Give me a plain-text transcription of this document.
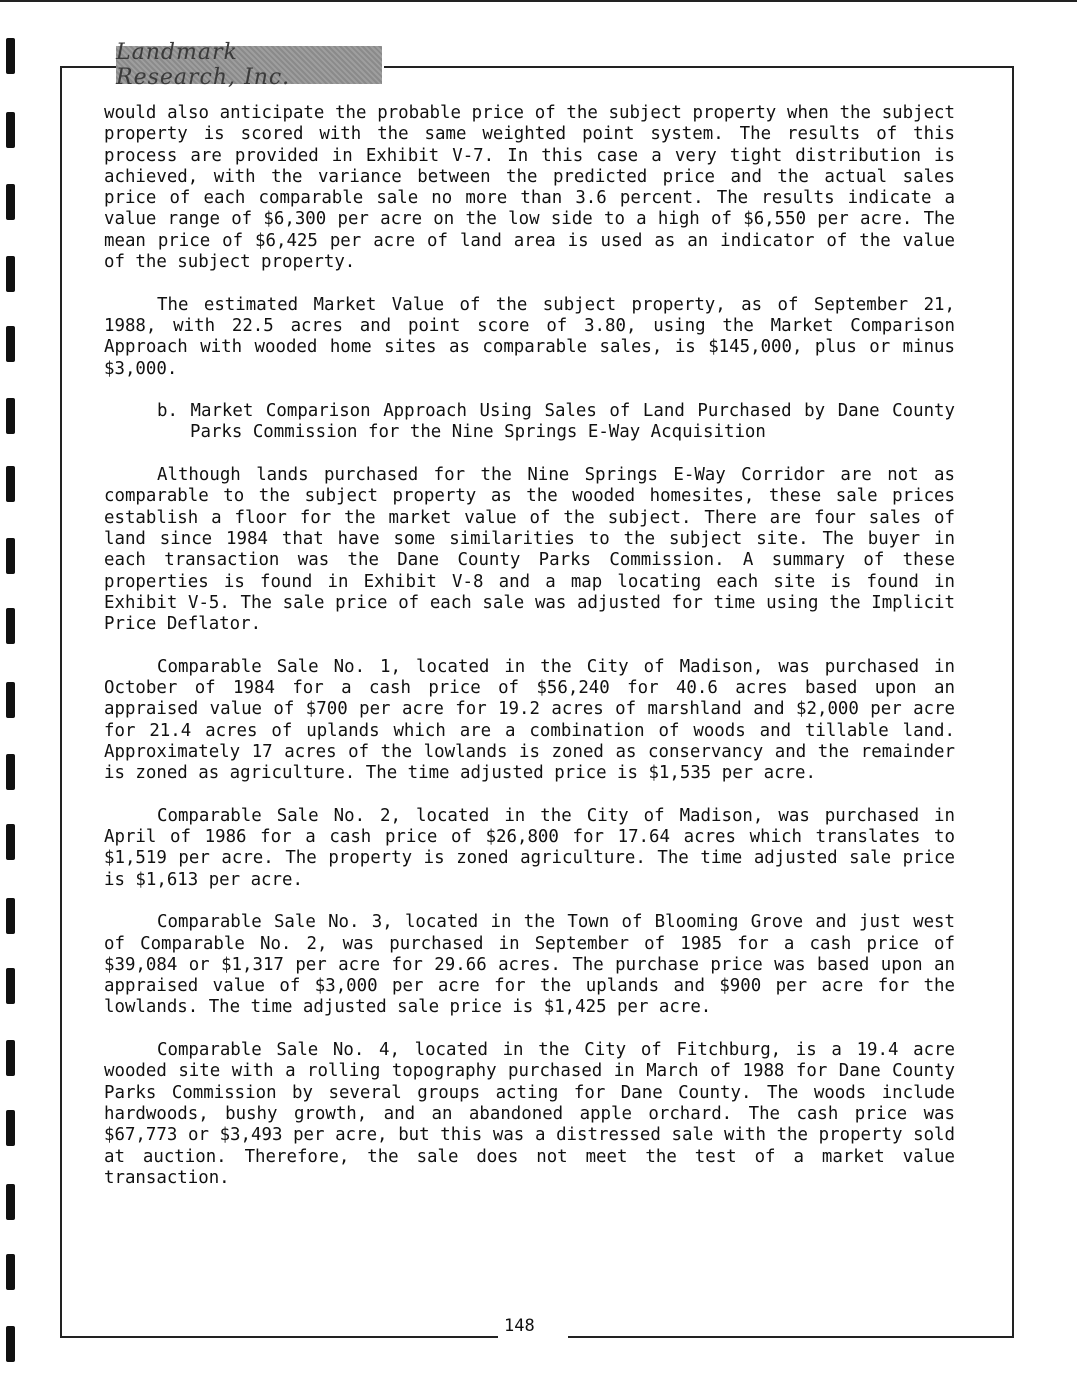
Landmark Research, Inc.

would also anticipate the probable price of the subject property when the subject property is scored with the same weighted point system. The results of this process are provided in Exhibit V-7. In this case a very tight distribution is achieved, with the variance between the predicted price and the actual sales price of each comparable sale no more than 3.6 percent. The results indicate a value range of $6,300 per acre on the low side to a high of $6,550 per acre. The mean price of $6,425 per acre of land area is used as an indicator of the value of the subject property.

The estimated Market Value of the subject property, as of September 21, 1988, with 22.5 acres and point score of 3.80, using the Market Comparison Approach with wooded home sites as comparable sales, is $145,000, plus or minus $3,000.

b. Market Comparison Approach Using Sales of Land Purchased by Dane County Parks Commission for the Nine Springs E-Way Acquisition

Although lands purchased for the Nine Springs E-Way Corridor are not as comparable to the subject property as the wooded homesites, these sale prices establish a floor for the market value of the subject. There are four sales of land since 1984 that have some similarities to the subject site. The buyer in each transaction was the Dane County Parks Commission. A summary of these properties is found in Exhibit V-8 and a map locating each site is found in Exhibit V-5. The sale price of each sale was adjusted for time using the Implicit Price Deflator.

Comparable Sale No. 1, located in the City of Madison, was purchased in October of 1984 for a cash price of $56,240 for 40.6 acres based upon an appraised value of $700 per acre for 19.2 acres of marshland and $2,000 per acre for 21.4 acres of uplands which are a combination of woods and tillable land. Approximately 17 acres of the lowlands is zoned as conservancy and the remainder is zoned as agriculture. The time adjusted price is $1,535 per acre.

Comparable Sale No. 2, located in the City of Madison, was purchased in April of 1986 for a cash price of $26,800 for 17.64 acres which translates to $1,519 per acre. The property is zoned agriculture. The time adjusted sale price is $1,613 per acre.

Comparable Sale No. 3, located in the Town of Blooming Grove and just west of Comparable No. 2, was purchased in September of 1985 for a cash price of $39,084 or $1,317 per acre for 29.66 acres. The purchase price was based upon an appraised value of $3,000 per acre for the uplands and $900 per acre for the lowlands. The time adjusted sale price is $1,425 per acre.

Comparable Sale No. 4, located in the City of Fitchburg, is a 19.4 acre wooded site with a rolling topography purchased in March of 1988 for Dane County Parks Commission by several groups acting for Dane County. The woods include hardwoods, bushy growth, and an abandoned apple orchard. The cash price was $67,773 or $3,493 per acre, but this was a distressed sale with the property sold at auction. Therefore, the sale does not meet the test of a market value transaction.

148
